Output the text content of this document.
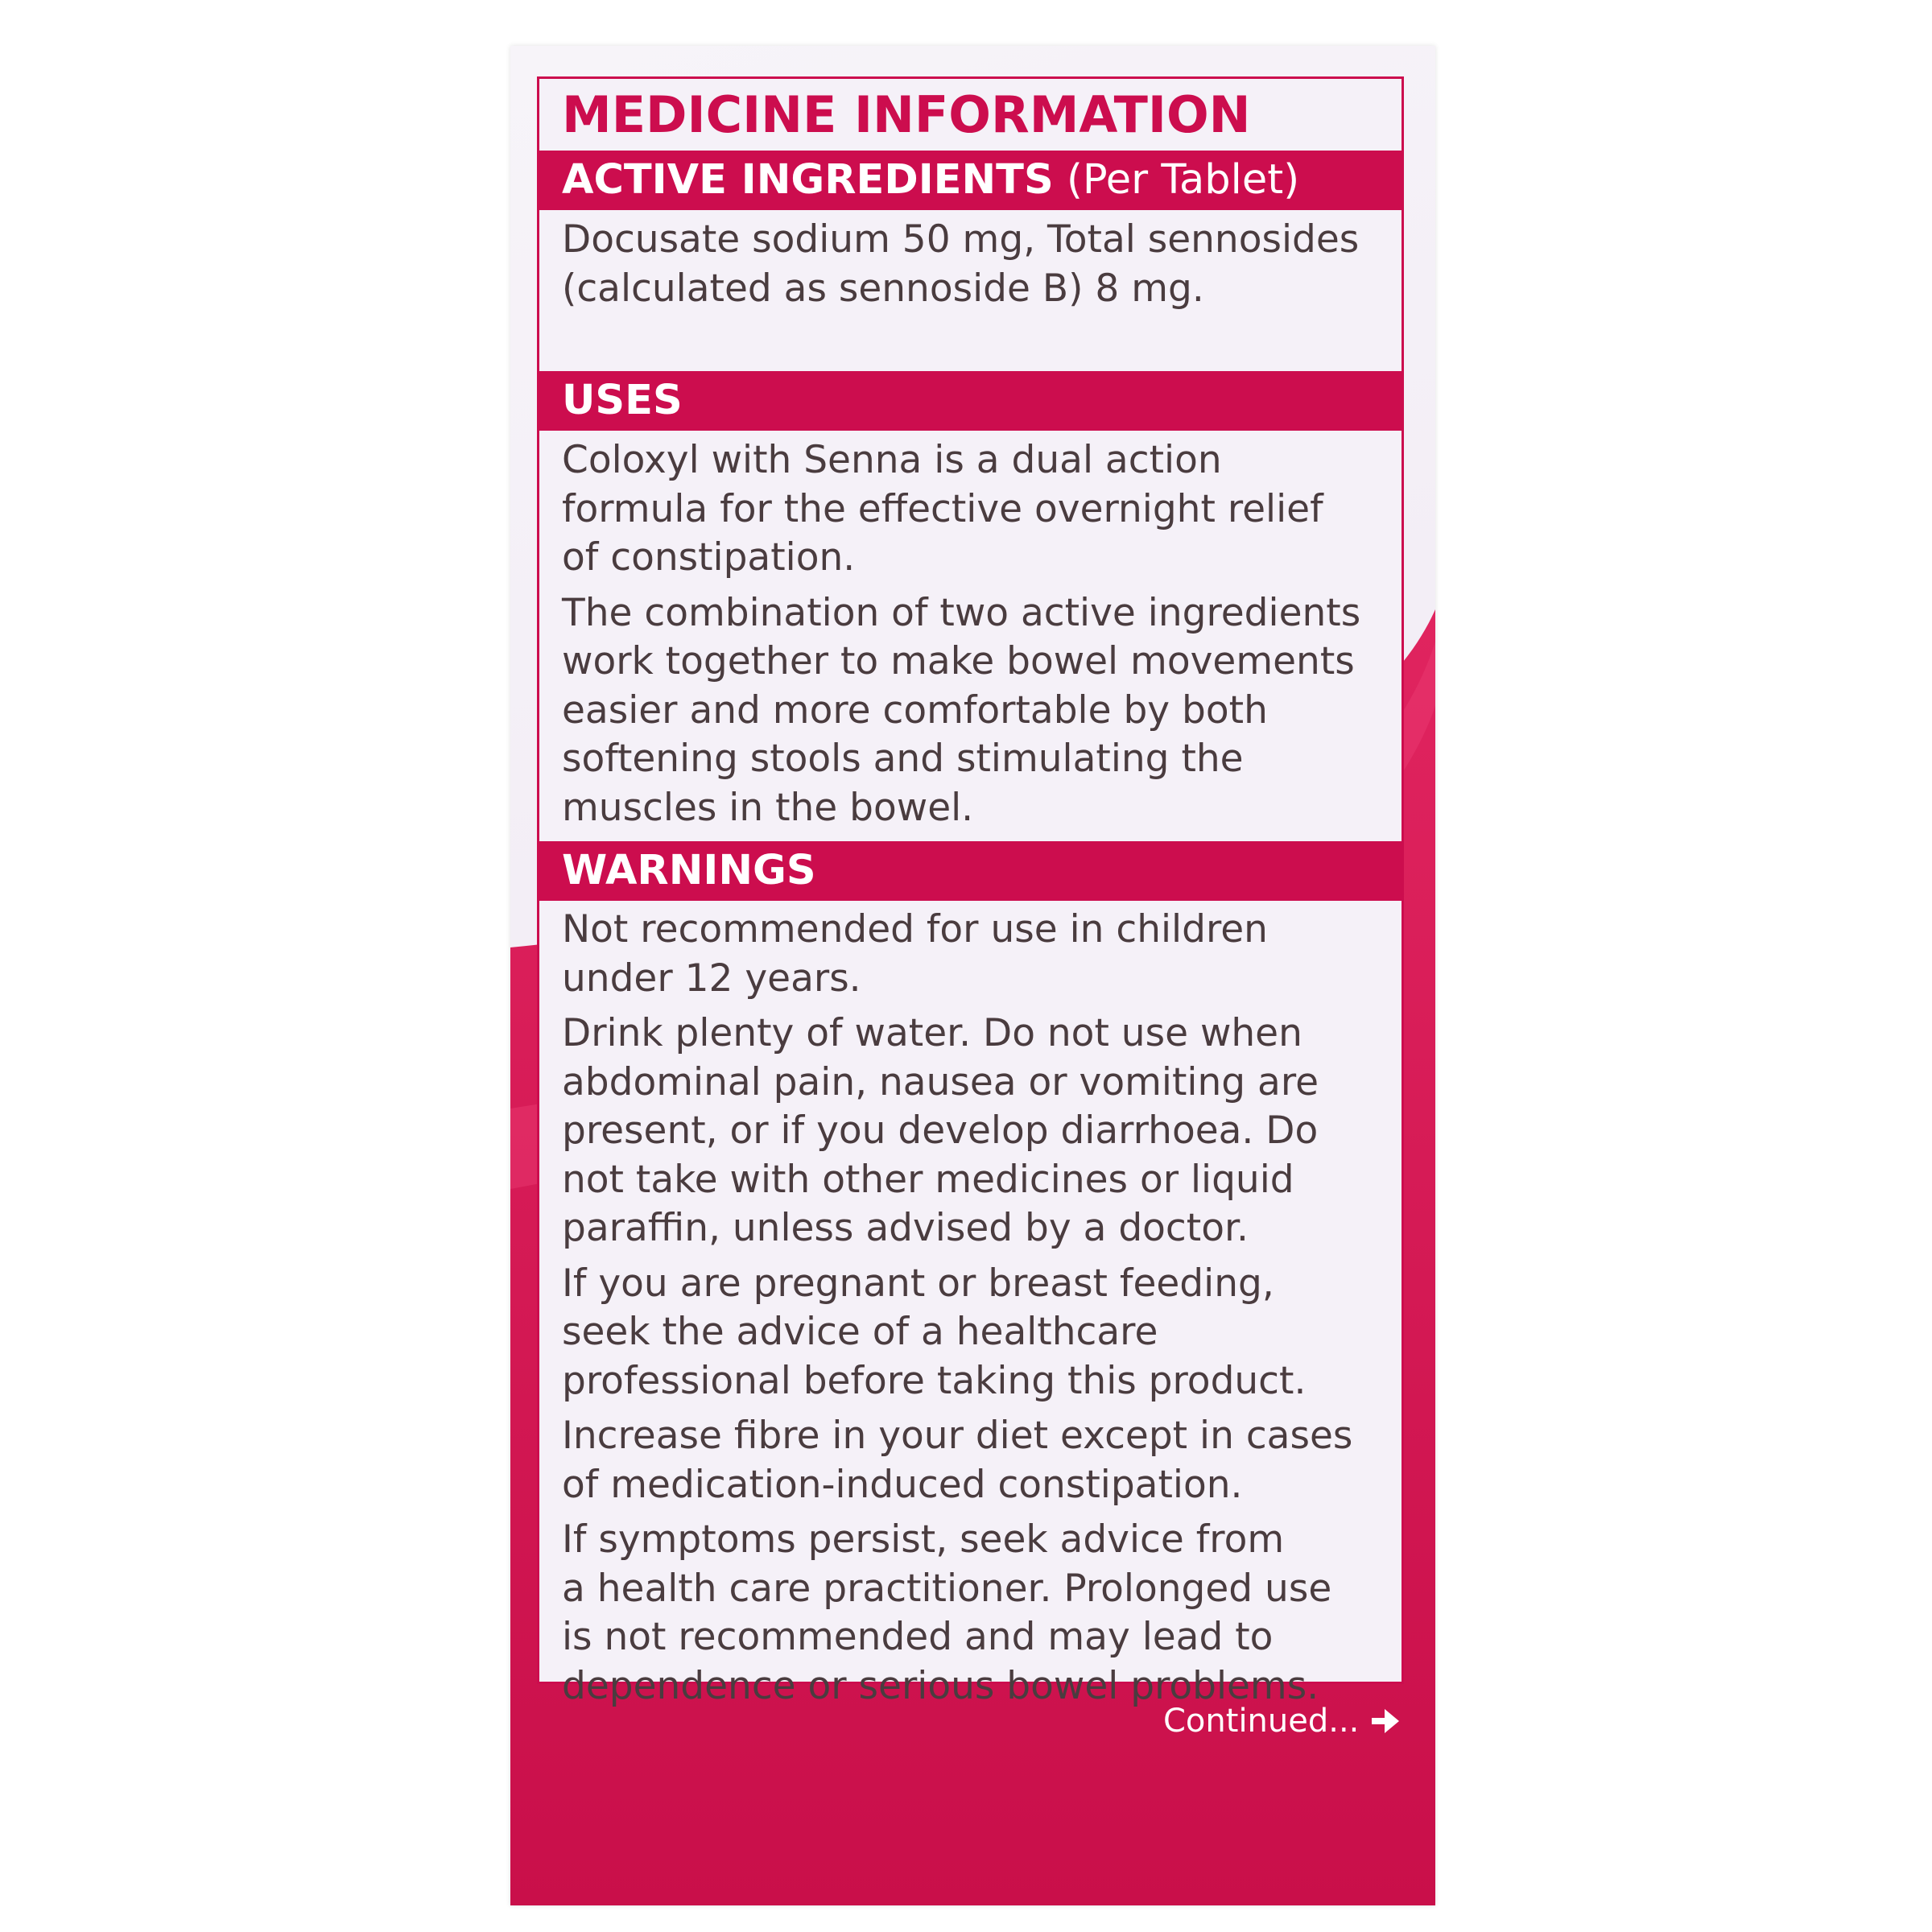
MEDICINE INFORMATION
ACTIVE INGREDIENTS (Per Tablet)

Docusate sodium 50 mg, Total sennosides
(calculated as sennoside B) 8 mg.

USES

Coloxyl with Senna is a dual action
formula for the effective overnight relief
of constipation.

The combination of two active ingredients
work together to make bowel movements
easier and more comfortable by both
softening stools and stimulating the
muscles in the bowel.

WARNINGS

Not recommended for use in children
under 12 years.

Drink plenty of water. Do not use when
abdominal pain, nausea or vomiting are
present, or if you develop diarrhoea. Do
not take with other medicines or liquid
paraffin, unless advised by a doctor.

If you are pregnant or breast feeding,
seek the advice of a healthcare
professional before taking this product.

Increase fibre in your diet except in cases
of medication-induced constipation.

If symptoms persist, seek advice from
a health care practitioner. Prolonged use
is not recommended and may lead to
dependence or serious bowel problems.

Continued...
